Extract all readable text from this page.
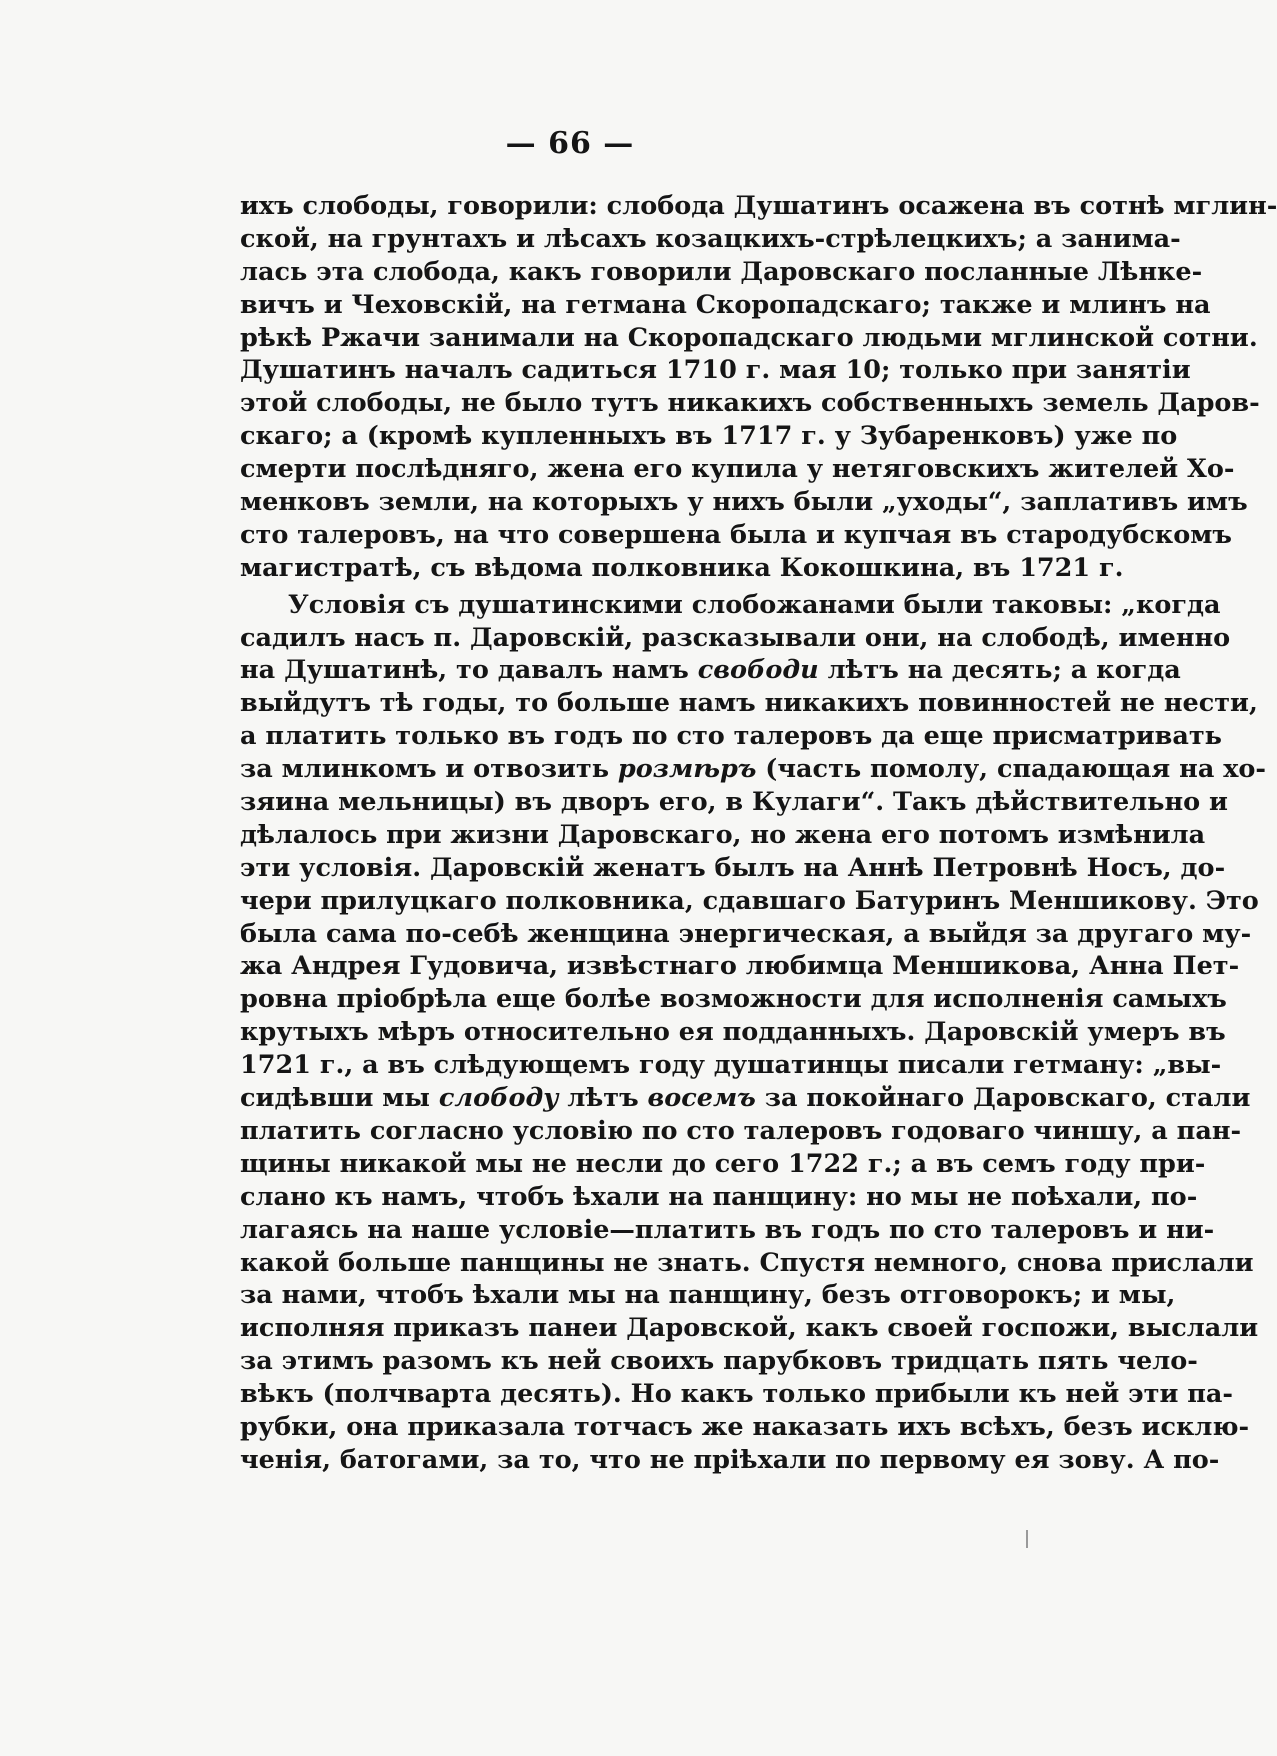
— 66 —
ихъ слободы, говорили: слобода Душатинъ осажена въ сотнѣ мглин-
ской, на грунтахъ и лѣсахъ козацкихъ-стрѣлецкихъ; а занима-
лась эта слобода, какъ говорили Даровскаго посланные Лѣнке-
вичъ и Чеховскій, на гетмана Скоропадскаго; также и млинъ на
рѣкѣ Ржачи занимали на Скоропадскаго людьми мглинской сотни.
Душатинъ началъ садиться 1710 г. мая 10; только при занятіи
этой слободы, не было тутъ никакихъ собственныхъ земель Даров-
скаго; а (кромѣ купленныхъ въ 1717 г. у Зубаренковъ) уже по
смерти послѣдняго, жена его купила у нетяговскихъ жителей Хо-
менковъ земли, на которыхъ у нихъ были „уходы“, заплативъ имъ
сто талеровъ, на что совершена была и купчая въ стародубскомъ
магистратѣ, съ вѣдома полковника Кокошкина, въ 1721 г.
Условія съ душатинскими слобожанами были таковы: „когда
садилъ насъ п. Даровскій, разсказывали они, на слободѣ, именно
на Душатинѣ, то давалъ намъ свободи лѣтъ на десять; а когда
выйдутъ тѣ годы, то больше намъ никакихъ повинностей не нести,
а платить только въ годъ по сто талеровъ да еще присматривать
за млинкомъ и отвозить розмѣръ (часть помолу, спадающая на хо-
зяина мельницы) въ дворъ его, в Кулаги“. Такъ дѣйствительно и
дѣлалось при жизни Даровскаго, но жена его потомъ измѣнила
эти условія. Даровскій женатъ былъ на Аннѣ Петровнѣ Носъ, до-
чери прилуцкаго полковника, сдавшаго Батуринъ Меншикову. Это
была сама по-себѣ женщина энергическая, а выйдя за другаго му-
жа Андрея Гудовича, извѣстнаго любимца Меншикова, Анна Пет-
ровна пріобрѣла еще болѣе возможности для исполненія самыхъ
крутыхъ мѣръ относительно ея подданныхъ. Даровскій умеръ въ
1721 г., а въ слѣдующемъ году душатинцы писали гетману: „вы-
сидѣвши мы слободу лѣтъ восемъ за покойнаго Даровскаго, стали
платить согласно условію по сто талеровъ годоваго чиншу, а пан-
щины никакой мы не несли до сего 1722 г.; а въ семъ году при-
слано къ намъ, чтобъ ѣхали на панщину: но мы не поѣхали, по-
лагаясь на наше условіе—платить въ годъ по сто талеровъ и ни-
какой больше панщины не знать. Спустя немного, снова прислали
за нами, чтобъ ѣхали мы на панщину, безъ отговорокъ; и мы,
исполняя приказъ панеи Даровской, какъ своей госпожи, выслали
за этимъ разомъ къ ней своихъ парубковъ тридцать пять чело-
вѣкъ (полчварта десять). Но какъ только прибыли къ ней эти па-
рубки, она приказала тотчасъ же наказать ихъ всѣхъ, безъ исклю-
ченія, батогами, за то, что не пріѣхали по первому ея зову. А по-
